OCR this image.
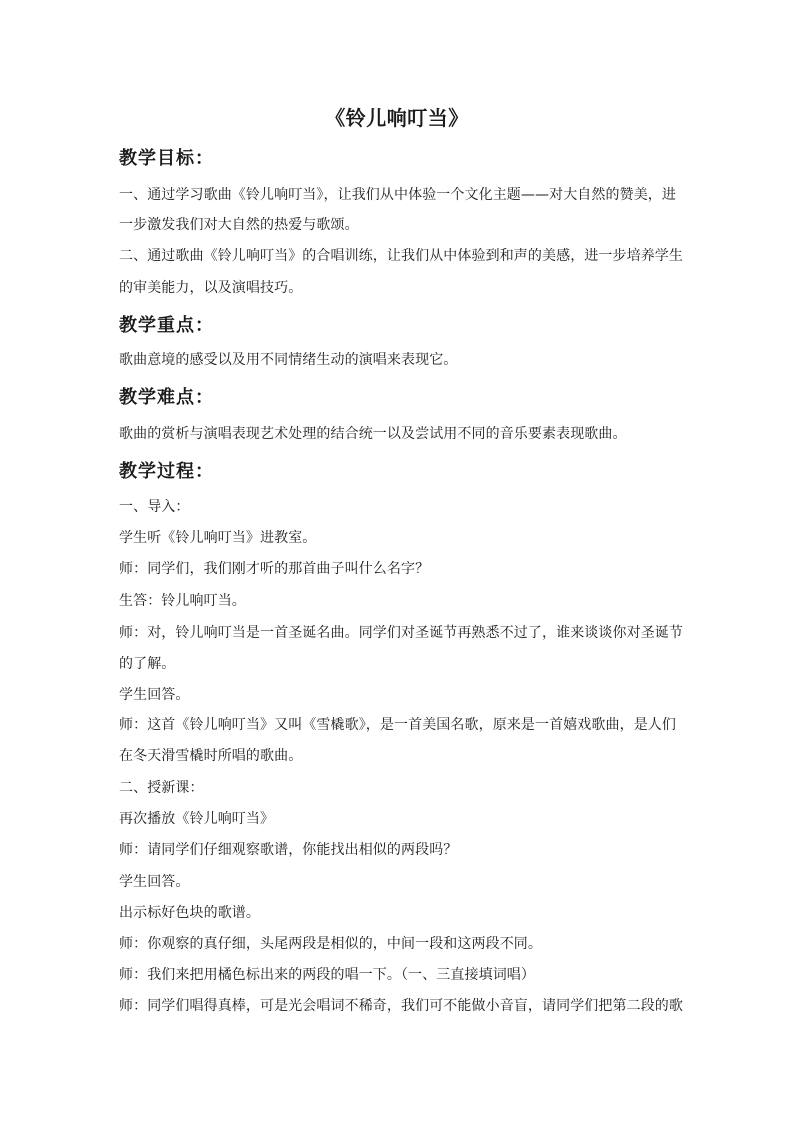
《铃儿响叮当》
教学目标：
一、通过学习歌曲《铃儿响叮当》，让我们从中体验一个文化主题——对大自然的赞美，进
一步激发我们对大自然的热爱与歌颂。
二、通过歌曲《铃儿响叮当》的合唱训练，让我们从中体验到和声的美感，进一步培养学生
的审美能力，以及演唱技巧。
教学重点：
歌曲意境的感受以及用不同情绪生动的演唱来表现它。
教学难点：
歌曲的赏析与演唱表现艺术处理的结合统一以及尝试用不同的音乐要素表现歌曲。
教学过程：
一、导入：
学生听《铃儿响叮当》进教室。
师：同学们，我们刚才听的那首曲子叫什么名字？
生答：铃儿响叮当。
师：对，铃儿响叮当是一首圣诞名曲。同学们对圣诞节再熟悉不过了，谁来谈谈你对圣诞节
的了解。
学生回答。
师：这首《铃儿响叮当》又叫《雪橇歌》，是一首美国名歌，原来是一首嬉戏歌曲，是人们
在冬天滑雪橇时所唱的歌曲。
二、授新课：
再次播放《铃儿响叮当》
师：请同学们仔细观察歌谱，你能找出相似的两段吗？
学生回答。
出示标好色块的歌谱。
师：你观察的真仔细，头尾两段是相似的，中间一段和这两段不同。
师：我们来把用橘色标出来的两段的唱一下。（一、三直接填词唱）
师：同学们唱得真棒，可是光会唱词不稀奇，我们可不能做小音盲，请同学们把第二段的歌
